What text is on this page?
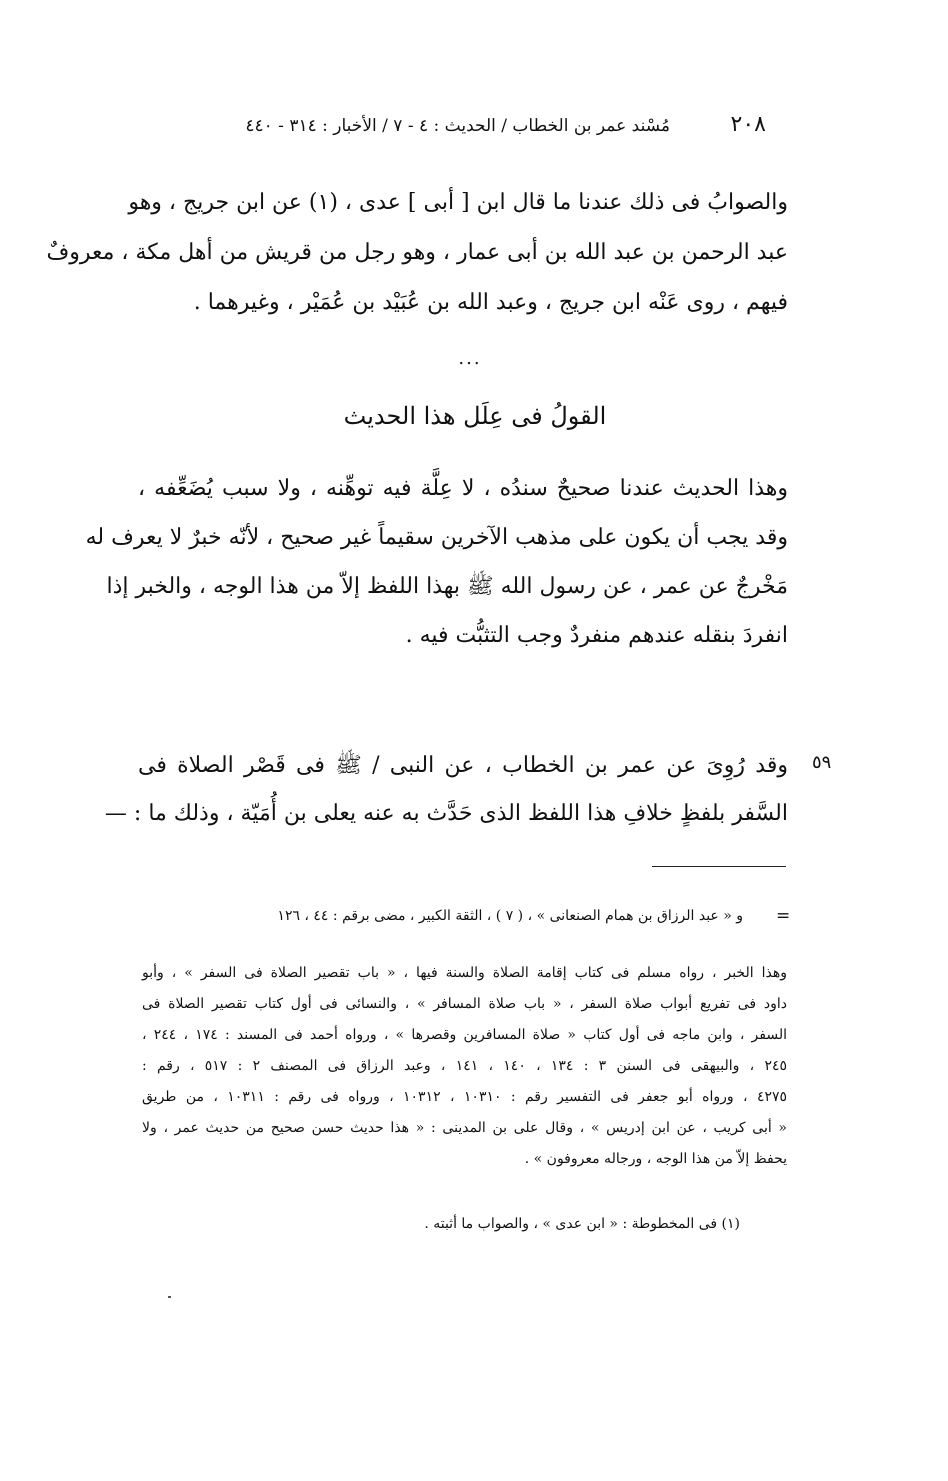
٢٠٨
مُسْند عمر بن الخطاب / الحديث : ٤ - ٧ / الأخبار : ٣١٤ - ٤٤٠
والصوابُ فى ذلك عندنا ما قال ابن [ أبى ] عدى ، (١) عن ابن جريج ، وهو
عبد الرحمن بن عبد الله بن أبى عمار ، وهو رجل من قريش من أهل مكة ، معروفٌ
فيهم ، روى عَنْه ابن جريج ، وعبد الله بن عُبَيْد بن عُمَيْر ، وغيرهما .
...
القولُ فى عِلَل هذا الحديث
وهذا الحديث عندنا صحيحٌ سندُه ، لا عِلَّة فيه توهِّنه ، ولا سبب يُضَعِّفه ،
وقد يجب أن يكون على مذهب الآخرين سقيماً غير صحيح ، لأنّه خبرٌ لا يعرف له
مَخْرجٌ عن عمر ، عن رسول الله ﷺ بهذا اللفظ إلاّ من هذا الوجه ، والخبر إذا
انفردَ بنقله عندهم منفردٌ وجب التثبُّت فيه .
٥٩
وقد رُوِىَ عن عمر بن الخطاب ، عن النبى / ﷺ فى قَصْر الصلاة فى
السَّفر بلفظٍ خلافِ هذا اللفظ الذى حَدَّث به عنه يعلى بن أُمَيّة ، وذلك ما : —
=
و « عبد الرزاق بن همام الصنعانى » ، ( ٧ ) ، الثقة الكبير ، مضى برقم : ٤٤ ، ١٢٦
وهذا الخبر ، رواه مسلم فى كتاب إقامة الصلاة والسنة فيها ، « باب تقصير الصلاة فى السفر » ، وأبو
داود فى تفريع أبواب صلاة السفر ، « باب صلاة المسافر » ، والنسائى فى أول كتاب تقصير الصلاة فى
السفر ، وابن ماجه فى أول كتاب « صلاة المسافرين وقصرها » ، ورواه أحمد فى المسند : ١٧٤ ، ٢٤٤ ،
٢٤٥ ، والبيهقى فى السنن ٣ : ١٣٤ ، ١٤٠ ، ١٤١ ، وعبد الرزاق فى المصنف ٢ : ٥١٧ ، رقم :
٤٢٧٥ ، ورواه أبو جعفر فى التفسير رقم : ١٠٣١٠ ، ١٠٣١٢ ، ورواه فى رقم : ١٠٣١١ ، من طريق
« أبى كريب ، عن ابن إدريس » ، وقال على بن المدينى : « هذا حديث حسن صحيح من حديث عمر ، ولا
يحفظ إلاّ من هذا الوجه ، ورجاله معروفون » .
(١) فى المخطوطة : « ابن عدى » ، والصواب ما أثبته .
